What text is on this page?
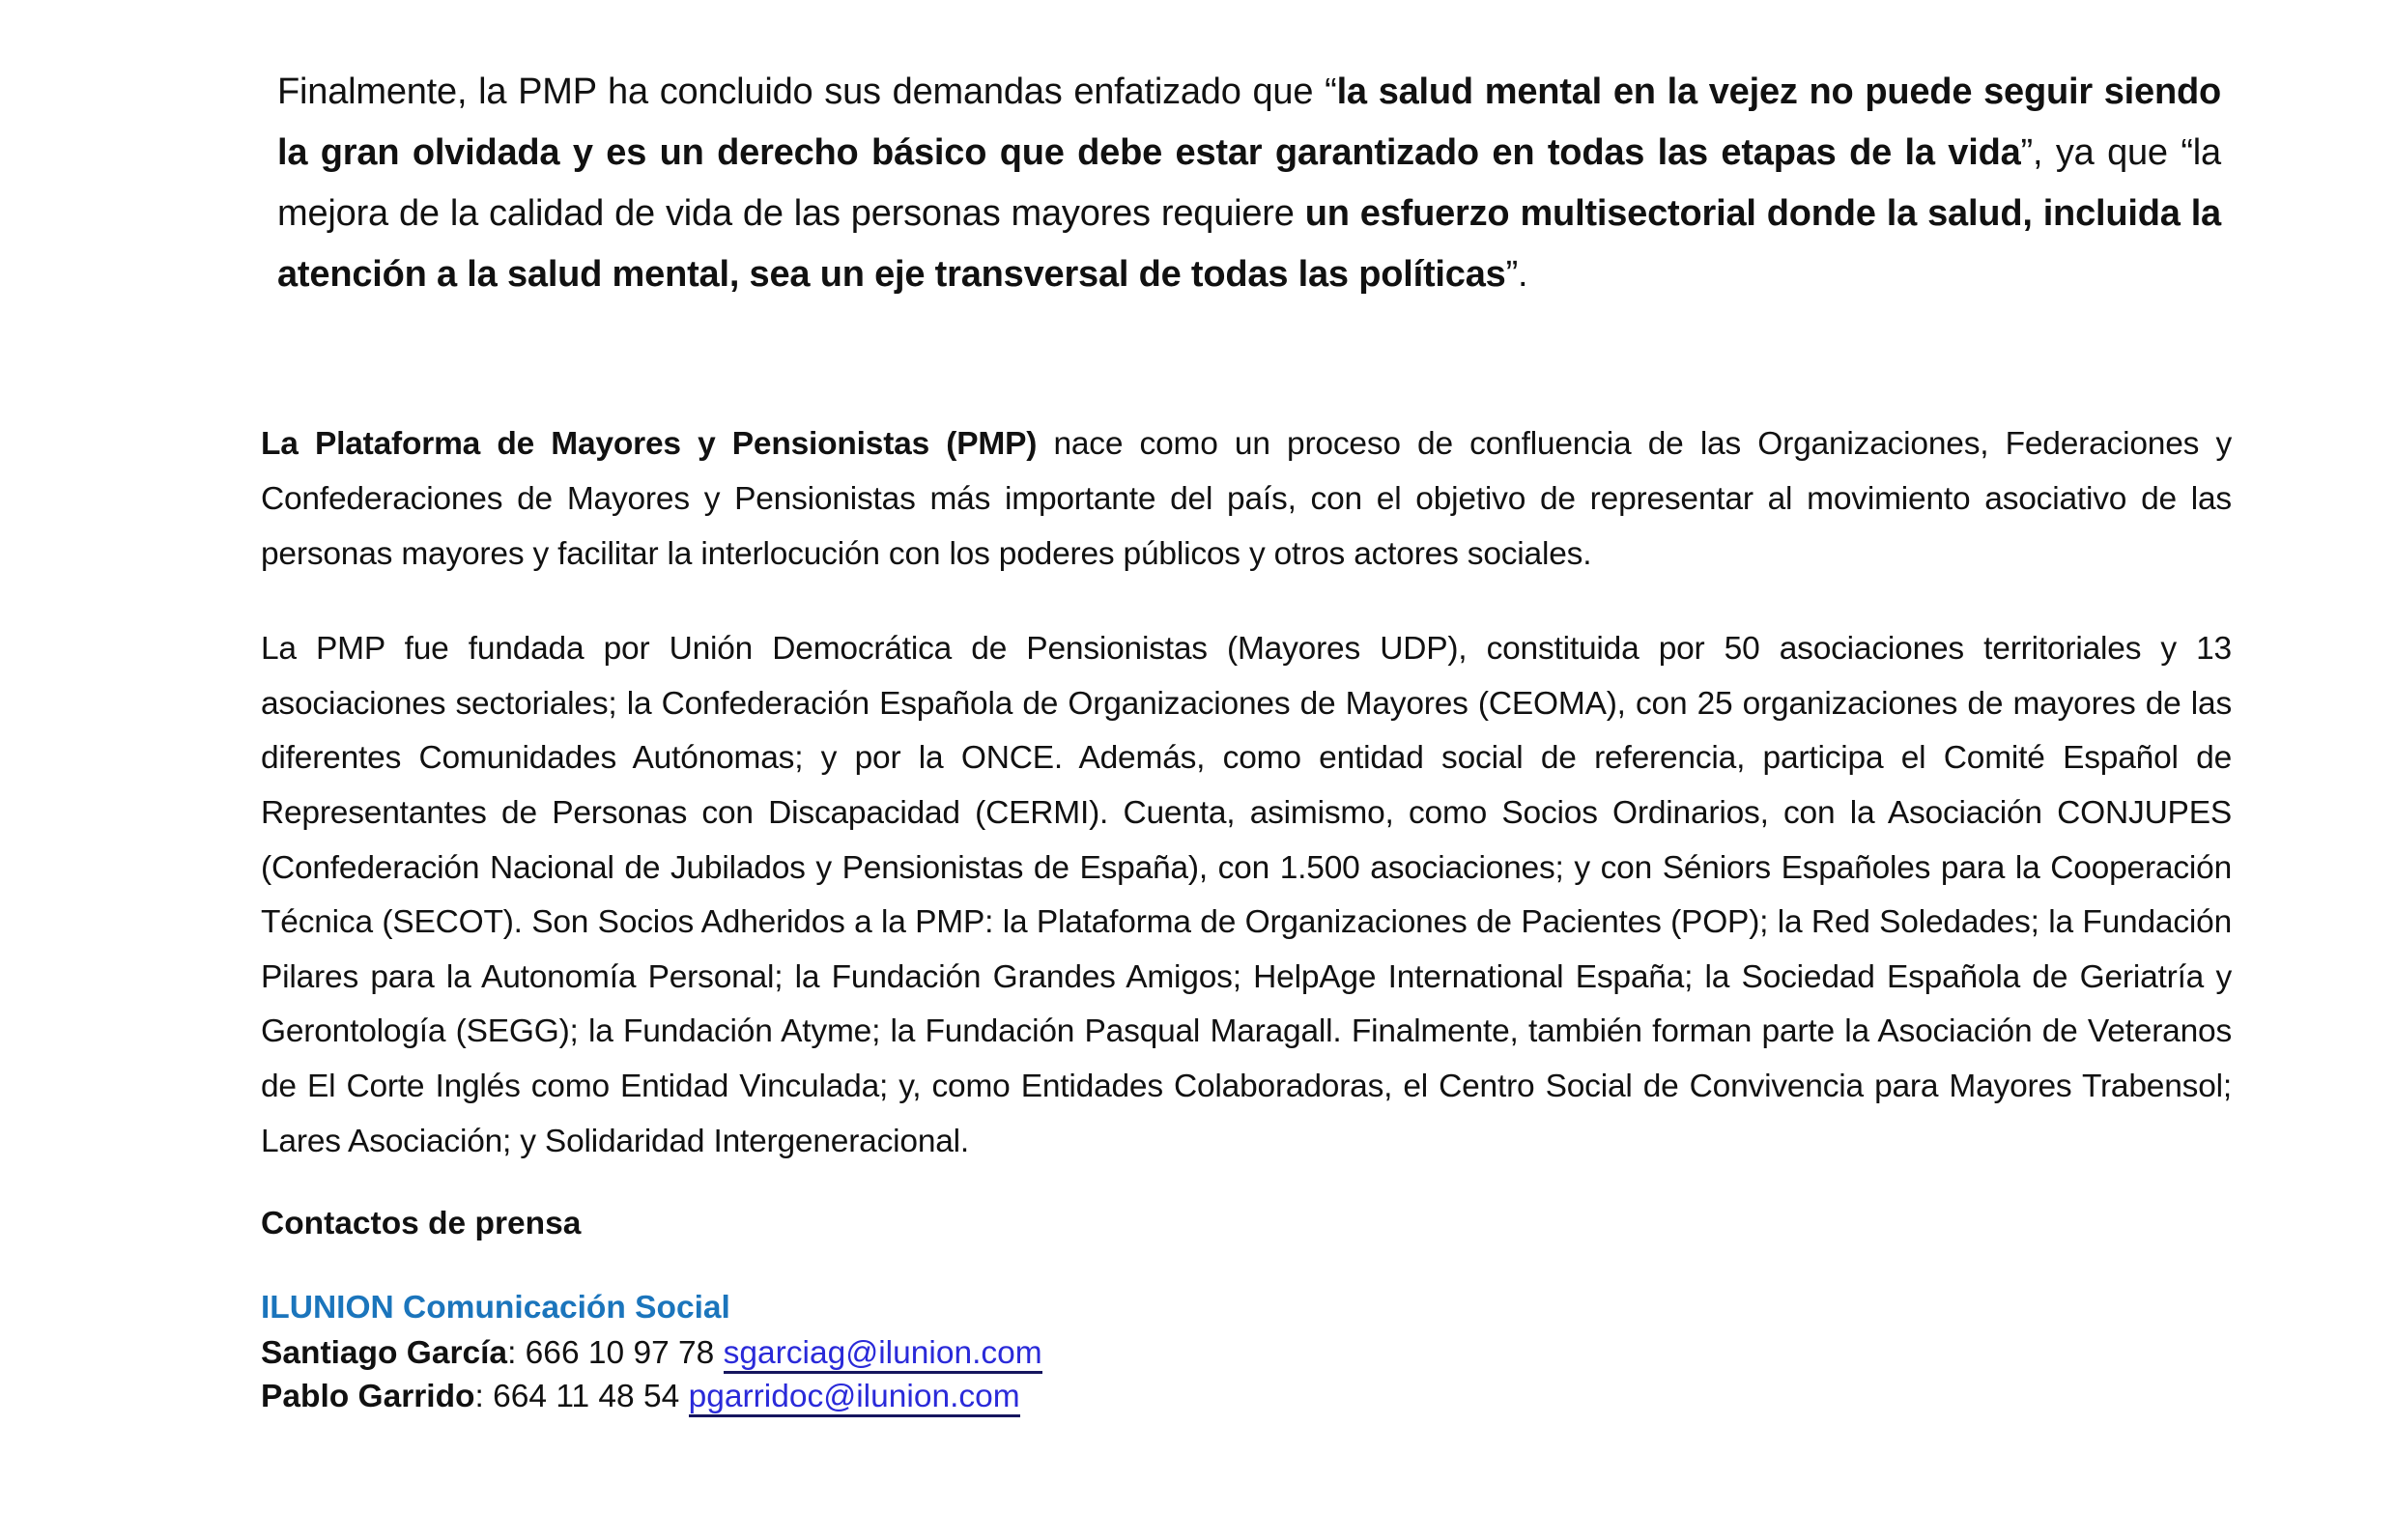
Finalmente, la PMP ha concluido sus demandas enfatizado que “la salud mental en la vejez no puede seguir siendo la gran olvidada y es un derecho básico que debe estar garantizado en todas las etapas de la vida”, ya que “la mejora de la calidad de vida de las personas mayores requiere un esfuerzo multisectorial donde la salud, incluida la atención a la salud mental, sea un eje transversal de todas las políticas”.

La Plataforma de Mayores y Pensionistas (PMP) nace como un proceso de confluencia de las Organizaciones, Federaciones y Confederaciones de Mayores y Pensionistas más importante del país, con el objetivo de representar al movimiento asociativo de las personas mayores y facilitar la interlocución con los poderes públicos y otros actores sociales.

La PMP fue fundada por Unión Democrática de Pensionistas (Mayores UDP), constituida por 50 asociaciones territoriales y 13 asociaciones sectoriales; la Confederación Española de Organizaciones de Mayores (CEOMA), con 25 organizaciones de mayores de las diferentes Comunidades Autónomas; y por la ONCE. Además, como entidad social de referencia, participa el Comité Español de Representantes de Personas con Discapacidad (CERMI). Cuenta, asimismo, como Socios Ordinarios, con la Asociación CONJUPES (Confederación Nacional de Jubilados y Pensionistas de España), con 1.500 asociaciones; y con Séniors Españoles para la Cooperación Técnica (SECOT). Son Socios Adheridos a la PMP: la Plataforma de Organizaciones de Pacientes (POP); la Red Soledades; la Fundación Pilares para la Autonomía Personal; la Fundación Grandes Amigos; HelpAge International España; la Sociedad Española de Geriatría y Gerontología (SEGG); la Fundación Atyme; la Fundación Pasqual Maragall. Finalmente, también forman parte la Asociación de Veteranos de El Corte Inglés como Entidad Vinculada; y, como Entidades Colaboradoras, el Centro Social de Convivencia para Mayores Trabensol; Lares Asociación; y Solidaridad Intergeneracional.

Contactos de prensa

ILUNION Comunicación Social

Santiago García: 666 10 97 78 sgarciag@ilunion.com

Pablo Garrido: 664 11 48 54 pgarridoc@ilunion.com
